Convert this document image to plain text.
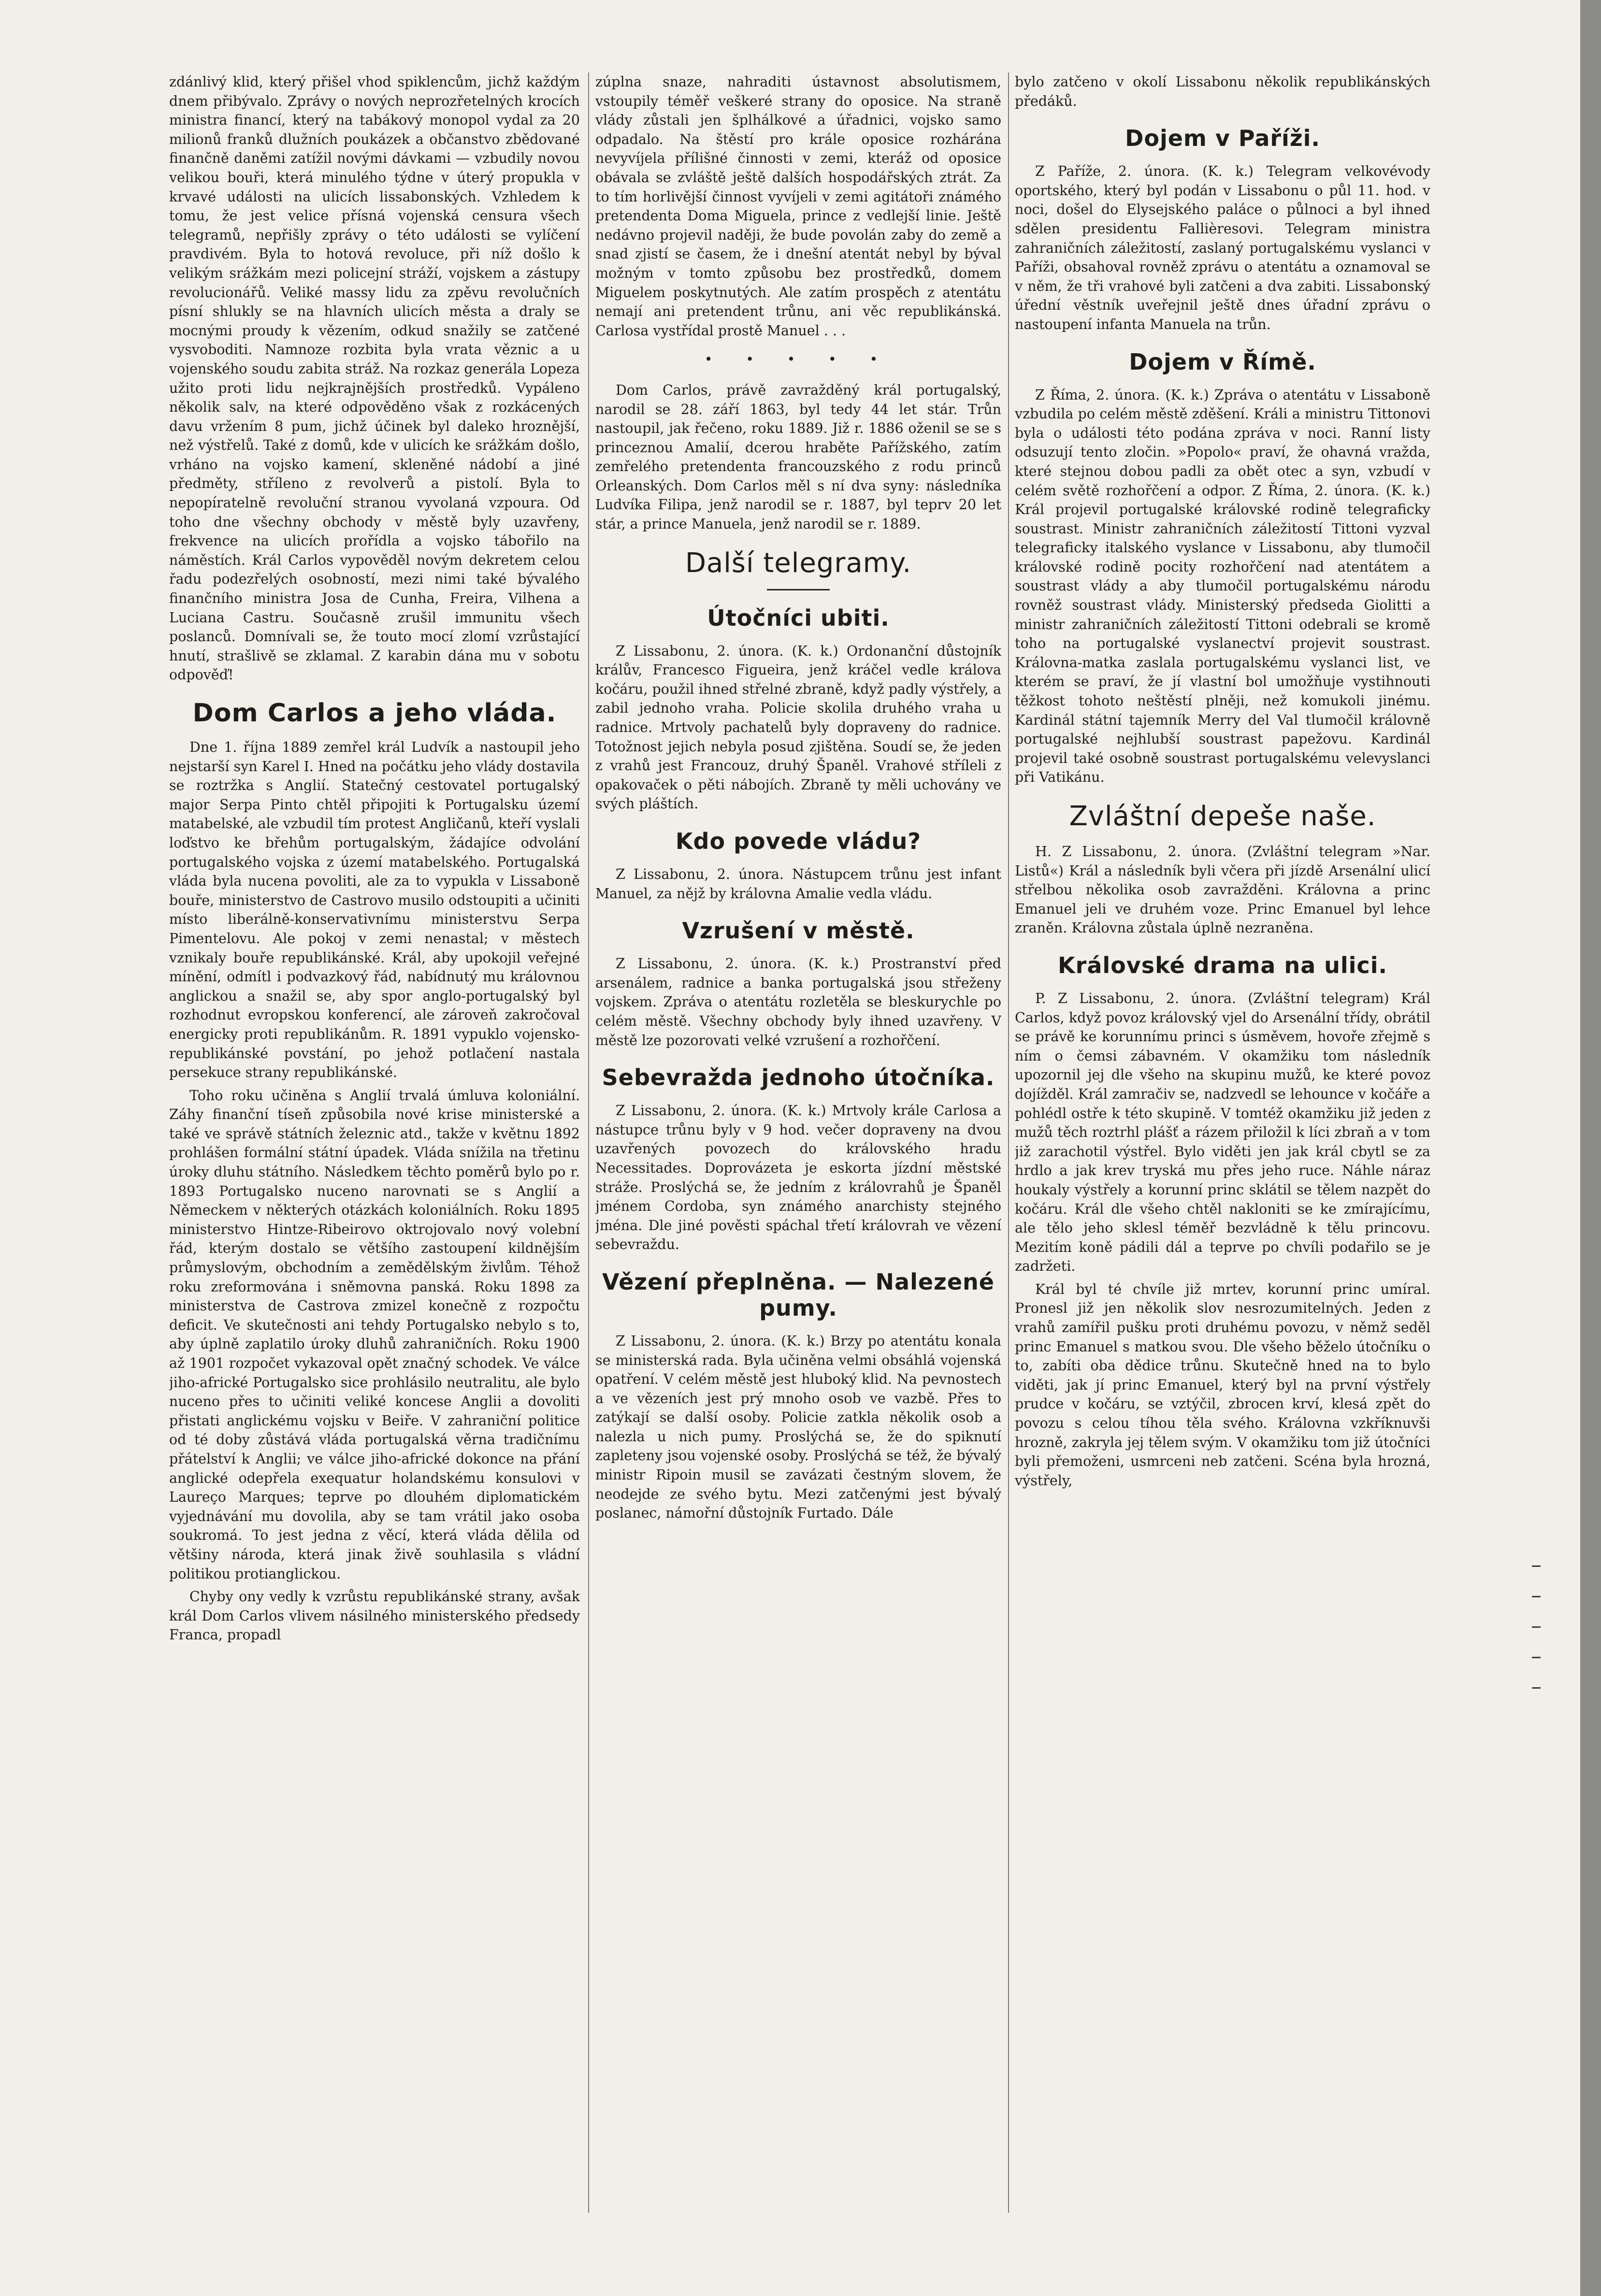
zdánlivý klid, který přišel vhod spiklencům, jichž každým dnem přibývalo. Zprávy o nových neprozřetelných krocích ministra financí, který na tabákový monopol vydal za 20 milionů franků dlužních poukázek a občanstvo zbědované finančně daněmi zatížil novými dávkami — vzbudily novou velikou bouři, která minulého týdne v úterý propukla v krvavé události na ulicích lissabonských. Vzhledem k tomu, že jest velice přísná vojenská censura všech telegramů, nepřišly zprávy o této události se vylíčení pravdivém. Byla to hotová revoluce, při níž došlo k velikým srážkám mezi policejní stráží, vojskem a zástupy revolucionářů. Veliké massy lidu za zpěvu revolučních písní shlukly se na hlavních ulicích města a draly se mocnými proudy k vězením, odkud snažily se zatčené vysvoboditi. Namnoze rozbita byla vrata věznic a u vojenského soudu zabita stráž. Na rozkaz generála Lopeza užito proti lidu nejkrajnějších prostředků. Vypáleno několik salv, na které odpověděno však z rozkácených davu vržením 8 pum, jichž účinek byl daleko hroznější, než výstřelů. Také z domů, kde v ulicích ke srážkám došlo, vrháno na vojsko kamení, skleněné nádobí a jiné předměty, stříleno z revolverů a pistolí. Byla to nepopíratelně revoluční stranou vyvolaná vzpoura. Od toho dne všechny obchody v městě byly uzavřeny, frekvence na ulicích prořídla a vojsko tábořilo na náměstích. Král Carlos vypověděl novým dekretem celou řadu podezřelých osobností, mezi nimi také bývalého finančního ministra Josa de Cunha, Freira, Vilhena a Luciana Castru. Současně zrušil immunitu všech poslanců. Domnívali se, že touto mocí zlomí vzrůstající hnutí, strašlivě se zklamal. Z karabin dána mu v sobotu odpověď!

Dom Carlos a jeho vláda.

Dne 1. října 1889 zemřel král Ludvík a nastoupil jeho nejstarší syn Karel I. Hned na počátku jeho vlády dostavila se roztržka s Anglií. Statečný cestovatel portugalský major Serpa Pinto chtěl připojiti k Portugalsku území matabelské, ale vzbudil tím protest Angličanů, kteří vyslali loďstvo ke břehům portugalským, žádajíce odvolání portugalského vojska z území matabelského. Portugalská vláda byla nucena povoliti, ale za to vypukla v Lissaboně bouře, ministerstvo de Castrovo musilo odstoupiti a učiniti místo liberálně-konservativnímu ministerstvu Serpa Pimentelovu. Ale pokoj v zemi nenastal; v městech vznikaly bouře republikánské. Král, aby upokojil veřejné mínění, odmítl i podvazkový řád, nabídnutý mu královnou anglickou a snažil se, aby spor anglo-portugalský byl rozhodnut evropskou konferencí, ale zároveň zakročoval energicky proti republikánům. R. 1891 vypuklo vojensko-republikánské povstání, po jehož potlačení nastala persekuce strany republikánské.

Toho roku učiněna s Anglií trvalá úmluva koloniální. Záhy finanční tíseň způsobila nové krise ministerské a také ve správě státních železnic atd., takže v květnu 1892 prohlášen formální státní úpadek. Vláda snížila na třetinu úroky dluhu státního. Následkem těchto poměrů bylo po r. 1893 Portugalsko nuceno narovnati se s Anglií a Německem v některých otázkách koloniálních. Roku 1895 ministerstvo Hintze-Ribeirovo oktrojovalo nový volební řád, kterým dostalo se většího zastoupení kildnějším průmyslovým, obchodním a zemědělským živlům. Téhož roku zreformována i sněmovna panská. Roku 1898 za ministerstva de Castrova zmizel konečně z rozpočtu deficit. Ve skutečnosti ani tehdy Portugalsko nebylo s to, aby úplně zaplatilo úroky dluhů zahraničních. Roku 1900 až 1901 rozpočet vykazoval opět značný schodek. Ve válce jiho-africké Portugalsko sice prohlásilo neutralitu, ale bylo nuceno přes to učiniti veliké koncese Anglii a dovoliti přistati anglickému vojsku v Beiře. V zahraniční politice od té doby zůstává vláda portugalská věrna tradičnímu přátelství k Anglii; ve válce jiho-africké dokonce na přání anglické odepřela exequatur holandskému konsulovi v Laureço Marques; teprve po dlouhém diplomatickém vyjednávání mu dovolila, aby se tam vrátil jako osoba soukromá. To jest jedna z věcí, která vláda dělila od většiny národa, která jinak živě souhlasila s vládní politikou protianglickou.

Chyby ony vedly k vzrůstu republikánské strany, avšak král Dom Carlos vlivem násilného ministerského předsedy Franca, propadl

zúplna snaze, nahraditi ústavnost absolutismem, vstoupily téměř veškeré strany do oposice. Na straně vlády zůstali jen šplhálkové a úřadnici, vojsko samo odpadalo. Na štěstí pro krále oposice rozhárána nevyvíjela přílišné činnosti v zemi, kteráž od oposice obávala se zvláště ještě dalších hospodářských ztrát. Za to tím horlivější činnost vyvíjeli v zemi agitátoři známého pretendenta Doma Miguela, prince z vedlejší linie. Ještě nedávno projevil naději, že bude povolán zaby do země a snad zjistí se časem, že i dnešní atentát nebyl by býval možným v tomto způsobu bez prostředků, domem Miguelem poskytnutých. Ale zatím prospěch z atentátu nemají ani pretendent trůnu, ani věc republikánská. Carlosa vystřídal prostě Manuel . . .

• • • • •

Dom Carlos, právě zavražděný král portugalský, narodil se 28. září 1863, byl tedy 44 let stár. Trůn nastoupil, jak řečeno, roku 1889. Již r. 1886 oženil se se s princeznou Amalií, dcerou hraběte Pařížského, zatím zemřelého pretendenta francouzského z rodu princů Orleanských. Dom Carlos měl s ní dva syny: následníka Ludvíka Filipa, jenž narodil se r. 1887, byl teprv 20 let stár, a prince Manuela, jenž narodil se r. 1889.

Další telegramy.
Útočníci ubiti.

Z Lissabonu, 2. února. (K. k.) Ordonanční důstojník králův, Francesco Figueira, jenž kráčel vedle králova kočáru, použil ihned střelné zbraně, když padly výstřely, a zabil jednoho vraha. Policie skolila druhého vraha u radnice. Mrtvoly pachatelů byly dopraveny do radnice. Totožnost jejich nebyla posud zjištěna. Soudí se, že jeden z vrahů jest Francouz, druhý Španěl. Vrahové stříleli z opakovaček o pěti nábojích. Zbraně ty měli uchovány ve svých pláštích.

Kdo povede vládu?

Z Lissabonu, 2. února. Nástupcem trůnu jest infant Manuel, za nějž by královna Amalie vedla vládu.

Vzrušení v městě.

Z Lissabonu, 2. února. (K. k.) Prostranství před arsenálem, radnice a banka portugalská jsou střeženy vojskem. Zpráva o atentátu rozletěla se bleskurychle po celém městě. Všechny obchody byly ihned uzavřeny. V městě lze pozorovati velké vzrušení a rozhořčení.

Sebevražda jednoho útočníka.

Z Lissabonu, 2. února. (K. k.) Mrtvoly krále Carlosa a nástupce trůnu byly v 9 hod. večer dopraveny na dvou uzavřených povozech do královského hradu Necessitades. Doprovázeta je eskorta jízdní městské stráže. Proslýchá se, že jedním z královrahů je Španěl jménem Cordoba, syn známého anarchisty stejného jména. Dle jiné pověsti spáchal třetí královrah ve vězení sebevraždu.

Vězení přeplněna. — Nalezené pumy.

Z Lissabonu, 2. února. (K. k.) Brzy po atentátu konala se ministerská rada. Byla učiněna velmi obsáhlá vojenská opatření. V celém městě jest hluboký klid. Na pevnostech a ve vězeních jest prý mnoho osob ve vazbě. Přes to zatýkají se další osoby. Policie zatkla několik osob a nalezla u nich pumy. Proslýchá se, že do spiknutí zapleteny jsou vojenské osoby. Proslýchá se též, že bývalý ministr Ripoin musil se zavázati čestným slovem, že neodejde ze svého bytu. Mezi zatčenými jest bývalý poslanec, námořní důstojník Furtado. Dále

bylo zatčeno v okolí Lissabonu několik republikánských předáků.

Dojem v Paříži.

Z Paříže, 2. února. (K. k.) Telegram velkovévody oportského, který byl podán v Lissabonu o půl 11. hod. v noci, došel do Elysejského paláce o půlnoci a byl ihned sdělen presidentu Fallièresovi. Telegram ministra zahraničních záležitostí, zaslaný portugalskému vyslanci v Paříži, obsahoval rovněž zprávu o atentátu a oznamoval se v něm, že tři vrahové byli zatčeni a dva zabiti. Lissabonský úřední věstník uveřejnil ještě dnes úřadní zprávu o nastoupení infanta Manuela na trůn.

Dojem v Římě.

Z Říma, 2. února. (K. k.) Zpráva o atentátu v Lissaboně vzbudila po celém městě zděšení. Králi a ministru Tittonovi byla o události této podána zpráva v noci. Ranní listy odsuzují tento zločin. »Popolo« praví, že ohavná vražda, které stejnou dobou padli za obět otec a syn, vzbudí v celém světě rozhořčení a odpor. Z Říma, 2. února. (K. k.) Král projevil portugalské královské rodině telegraficky soustrast. Ministr zahraničních záležitostí Tittoni vyzval telegraficky italského vyslance v Lissabonu, aby tlumočil královské rodině pocity rozhořčení nad atentátem a soustrast vlády a aby tlumočil portugalskému národu rovněž soustrast vlády. Ministerský předseda Giolitti a ministr zahraničních záležitostí Tittoni odebrali se kromě toho na portugalské vyslanectví projevit soustrast. Královna-matka zaslala portugalskému vyslanci list, ve kterém se praví, že jí vlastní bol umožňuje vystihnouti těžkost tohoto neštěstí plněji, než komukoli jinému. Kardinál státní tajemník Merry del Val tlumočil královně portugalské nejhlubší soustrast papežovu. Kardinál projevil také osobně soustrast portugalskému velevyslanci při Vatikánu.

Zvláštní depeše naše.

H. Z Lissabonu, 2. února. (Zvláštní telegram »Nar. Listů«) Král a následník byli včera při jízdě Arsenální ulicí střelbou několika osob zavražděni. Královna a princ Emanuel jeli ve druhém voze. Princ Emanuel byl lehce zraněn. Královna zůstala úplně nezraněna.

Královské drama na ulici.

P. Z Lissabonu, 2. února. (Zvláštní telegram) Král Carlos, když povoz královský vjel do Arsenální třídy, obrátil se právě ke korunnímu princi s úsměvem, hovoře zřejmě s ním o čemsi zábavném. V okamžiku tom následník upozornil jej dle všeho na skupinu mužů, ke které povoz dojížděl. Král zamračiv se, nadzvedl se lehounce v kočáře a pohlédl ostře k této skupině. V tomtéž okamžiku již jeden z mužů těch roztrhl plášť a rázem přiložil k líci zbraň a v tom již zarachotil výstřel. Bylo viděti jen jak král cbytl se za hrdlo a jak krev tryská mu přes jeho ruce. Náhle náraz houkaly výstřely a korunní princ sklátil se tělem nazpět do kočáru. Král dle všeho chtěl nakloniti se ke zmírajícímu, ale tělo jeho sklesl téměř bezvládně k tělu princovu. Mezitím koně pádili dál a teprve po chvíli podařilo se je zadržeti.

Král byl té chvíle již mrtev, korunní princ umíral. Pronesl již jen několik slov nesrozumitelných. Jeden z vrahů zamířil pušku proti druhému povozu, v němž seděl princ Emanuel s matkou svou. Dle všeho běželo útočníku o to, zabíti oba dědice trůnu. Skutečně hned na to bylo viděti, jak jí princ Emanuel, který byl na první výstřely prudce v kočáru, se vztýčil, zbrocen krví, klesá zpět do povozu s celou tíhou těla svého. Královna vzkříknuvši hrozně, zakryla jej tělem svým. V okamžiku tom již útočníci byli přemoženi, usmrceni neb zatčeni. Scéna byla hrozná, výstřely,
